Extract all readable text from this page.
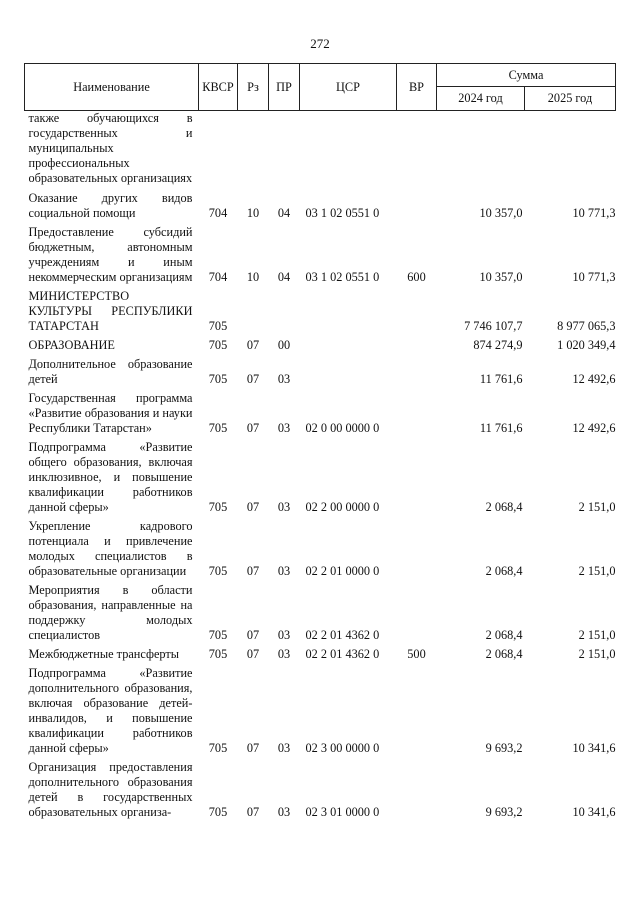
272
Наименование	КВСР	Рз	ПР	ЦСР	ВР	Сумма	
						2024 год	2025 год
также обучающихся в государственных и муниципальных профессиональных образовательных организациях							
Оказание других видов социальной помощи	704	10	04	03 1 02 0551 0		10 357,0	10 771,3
Предоставление субсидий бюджетным, автономным учреждениям и иным некоммерческим организациям	704	10	04	03 1 02 0551 0	600	10 357,0	10 771,3
МИНИСТЕРСТВО КУЛЬТУРЫ РЕСПУБЛИКИ ТАТАРСТАН	705					7 746 107,7	8 977 065,3
ОБРАЗОВАНИЕ	705	07	00			874 274,9	1 020 349,4
Дополнительное образование детей	705	07	03			11 761,6	12 492,6
Государственная программа «Развитие образования и науки Республики Татарстан»	705	07	03	02 0 00 0000 0		11 761,6	12 492,6
Подпрограмма «Развитие общего образования, включая инклюзивное, и повышение квалификации работников данной сферы»	705	07	03	02 2 00 0000 0		2 068,4	2 151,0
Укрепление кадрового потенциала и привлечение молодых специалистов в образовательные организации	705	07	03	02 2 01 0000 0		2 068,4	2 151,0
Мероприятия в области образования, направленные на поддержку молодых специалистов	705	07	03	02 2 01 4362 0		2 068,4	2 151,0
Межбюджетные трансферты	705	07	03	02 2 01 4362 0	500	2 068,4	2 151,0
Подпрограмма «Развитие дополнительного образования, включая образование детей-инвалидов, и повышение квалификации работников данной сферы»	705	07	03	02 3 00 0000 0		9 693,2	10 341,6
Организация предоставления дополнительного образования детей в государственных образовательных организа-	705	07	03	02 3 01 0000 0		9 693,2	10 341,6
